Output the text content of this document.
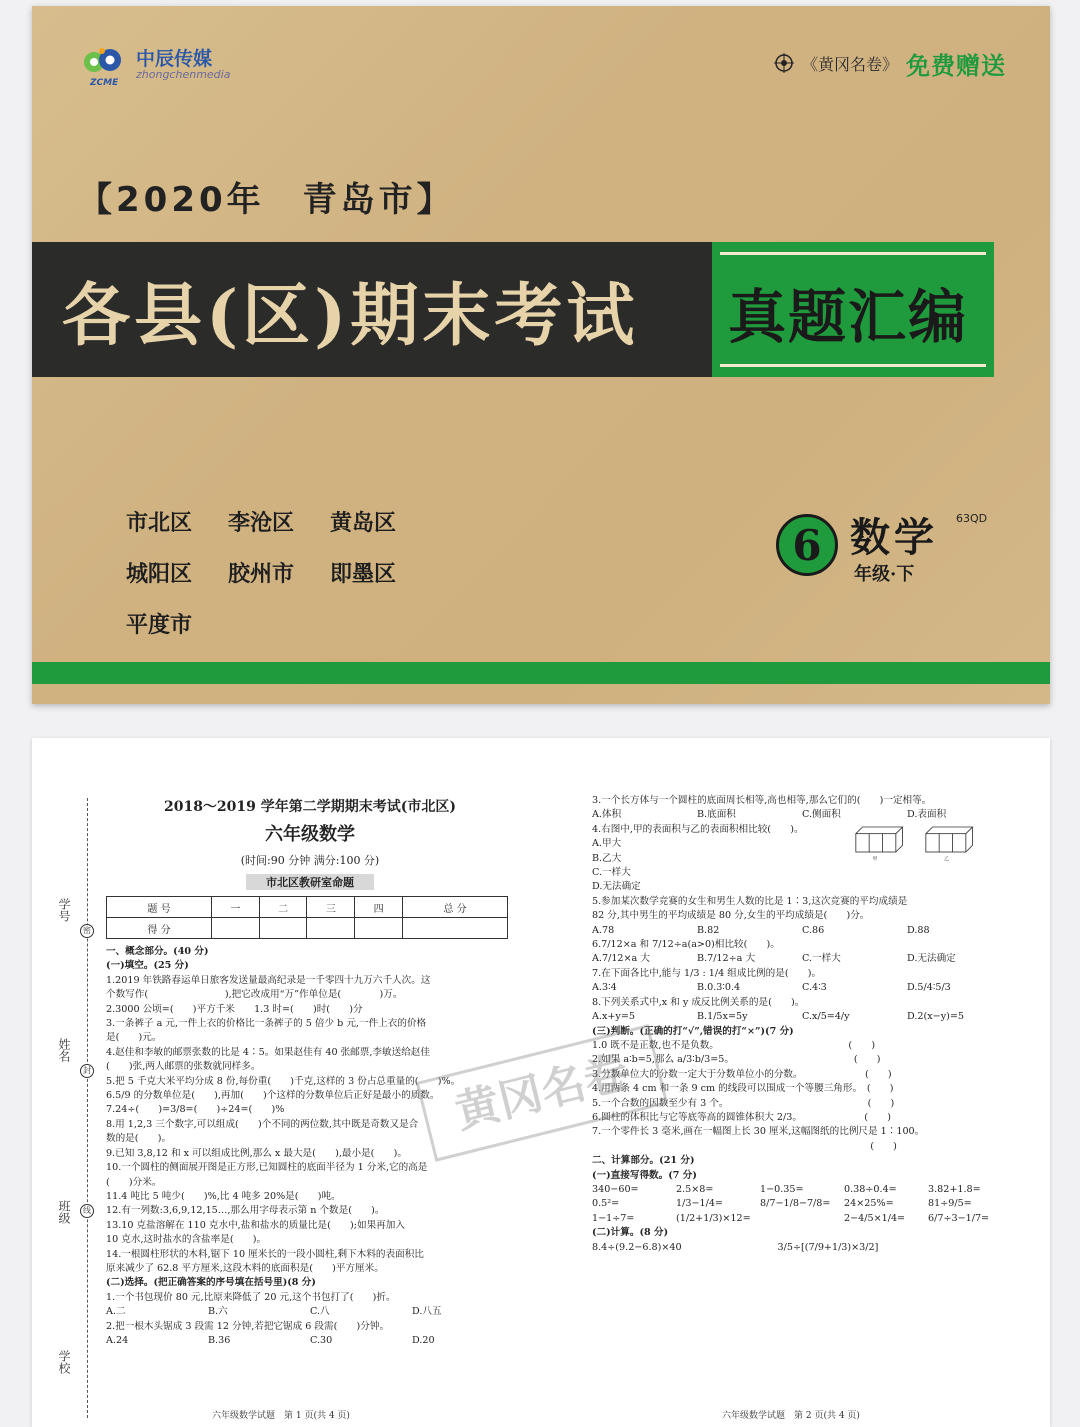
中辰传媒
zhongchenmedia
ZCME
《黄冈名卷》 免费赠送
【2020年　青岛市】
各县(区)期末考试 真题汇编
市北区 李沧区 黄岛区
城阳区 胶州市 即墨区
平度市
6 数学 63QD
年级·下
学号
姓名
班级
学校
密
封
线
2018～2019 学年第二学期期末考试(市北区)
六年级数学
(时间:90 分钟 满分:100 分)
市北区教研室命题
题 号	一	二	三	四	总 分
得 分					
一、概念部分。(40 分)
(一)填空。(25 分)
1.2019 年铁路春运单日旅客发送量最高纪录是一千零四十九万六千人次。这
个数写作(　　　　　　　　),把它改成用“万”作单位是(　　　　)万。
2.3000 公顷=(　　)平方千米　　1.3 时=(　　)时(　　)分
3.一条裤子 a 元,一件上衣的价格比一条裤子的 5 倍少 b 元,一件上衣的价格
是(　　)元。
4.赵佳和李敏的邮票张数的比是 4∶5。如果赵佳有 40 张邮票,李敏送给赵佳
(　　)张,两人邮票的张数就同样多。
5.把 5 千克大米平均分成 8 份,每份重(　　)千克,这样的 3 份占总重量的(　　)%。
6.5/9 的分数单位是(　　),再加(　　)个这样的分数单位后正好是最小的质数。
7.24÷(　　)=3/8=(　　)÷24=(　　)%
8.用 1,2,3 三个数字,可以组成(　　)个不同的两位数,其中既是奇数又是合
数的是(　　)。
9.已知 3,8,12 和 x 可以组成比例,那么 x 最大是(　　),最小是(　　)。
10.一个圆柱的侧面展开图是正方形,已知圆柱的底面半径为 1 分米,它的高是
(　　)分米。
11.4 吨比 5 吨少(　　)%,比 4 吨多 20%是(　　)吨。
12.有一列数:3,6,9,12,15…,那么用字母表示第 n 个数是(　　)。
13.10 克盐溶解在 110 克水中,盐和盐水的质量比是(　　);如果再加入
10 克水,这时盐水的含盐率是(　　)。
14.一根圆柱形状的木料,锯下 10 厘米长的一段小圆柱,剩下木料的表面积比
原来减少了 62.8 平方厘米,这段木料的底面积是(　　)平方厘米。
(二)选择。(把正确答案的序号填在括号里)(8 分)
1.一个书包现价 80 元,比原来降低了 20 元,这个书包打了(　　)折。
A.二	B.六	C.八	D.八五
2.把一根木头锯成 3 段需 12 分钟,若把它锯成 6 段需(　　)分钟。
A.24	B.36	C.30	D.20
3.一个长方体与一个圆柱的底面周长相等,高也相等,那么它们的(　　)一定相等。
A.体积	B.底面积	C.侧面积	D.表面积
4.右图中,甲的表面积与乙的表面积相比较(　　)。
A.甲大
B.乙大
C.一样大
D.无法确定
5.参加某次数学竞赛的女生和男生人数的比是 1∶3,这次竞赛的平均成绩是
82 分,其中男生的平均成绩是 80 分,女生的平均成绩是(　　)分。
A.78	B.82	C.86	D.88
6.7/12×a 和 7/12÷a(a>0)相比较(　　)。
A.7/12×a 大	B.7/12÷a 大	C.一样大	D.无法确定
7.在下面各比中,能与 1/3 : 1/4 组成比例的是(　　)。
A.3∶4	B.0.3∶0.4	C.4∶3	D.5/4∶5/3
8.下列关系式中,x 和 y 成反比例关系的是(　　)。
A.x+y=5	B.1/5x=5y	C.x/5=4/y	D.2(x−y)=5
(三)判断。(正确的打“√”,错误的打“×”)(7 分)
1.0 既不是正数,也不是负数。　　　　　　　　　　　　　　(　　)
2.如果 a∶b=5,那么 a/3∶b/3=5。　　　　　　　　　　　　　(　　)
3.分数单位大的分数一定大于分数单位小的分数。　　　　　　　(　　)
4.用两条 4 cm 和一条 9 cm 的线段可以围成一个等腰三角形。　(　　)
5.一个合数的因数至少有 3 个。　　　　　　　　　　　　　　　(　　)
6.圆柱的体积比与它等底等高的圆锥体积大 2/3。　　　　　　　(　　)
7.一个零件长 3 毫米,画在一幅图上长 30 厘米,这幅图纸的比例尺是 1∶100。
　　　　　　　　　　　　　　　　　　　　　　　　　　　　　(　　)
二、计算部分。(21 分)
(一)直接写得数。(7 分)
340−60=	2.5×8=	1−0.35=	0.38÷0.4=	3.82+1.8=
0.5²=	1/3−1/4=	8/7−1/8−7/8=	24×25%=	81÷9/5=
1−1÷7=	(1/2+1/3)×12=	2−4/5×1/4=	6/7÷3−1/7=
(二)计算。(8 分)
8.4÷(9.2−6.8)×40　　　　　　　　　　3/5÷[(7/9+1/3)×3/2]
甲	乙
黄冈名卷
六年级数学试题　第 1 页(共 4 页)	六年级数学试题　第 2 页(共 4 页)
